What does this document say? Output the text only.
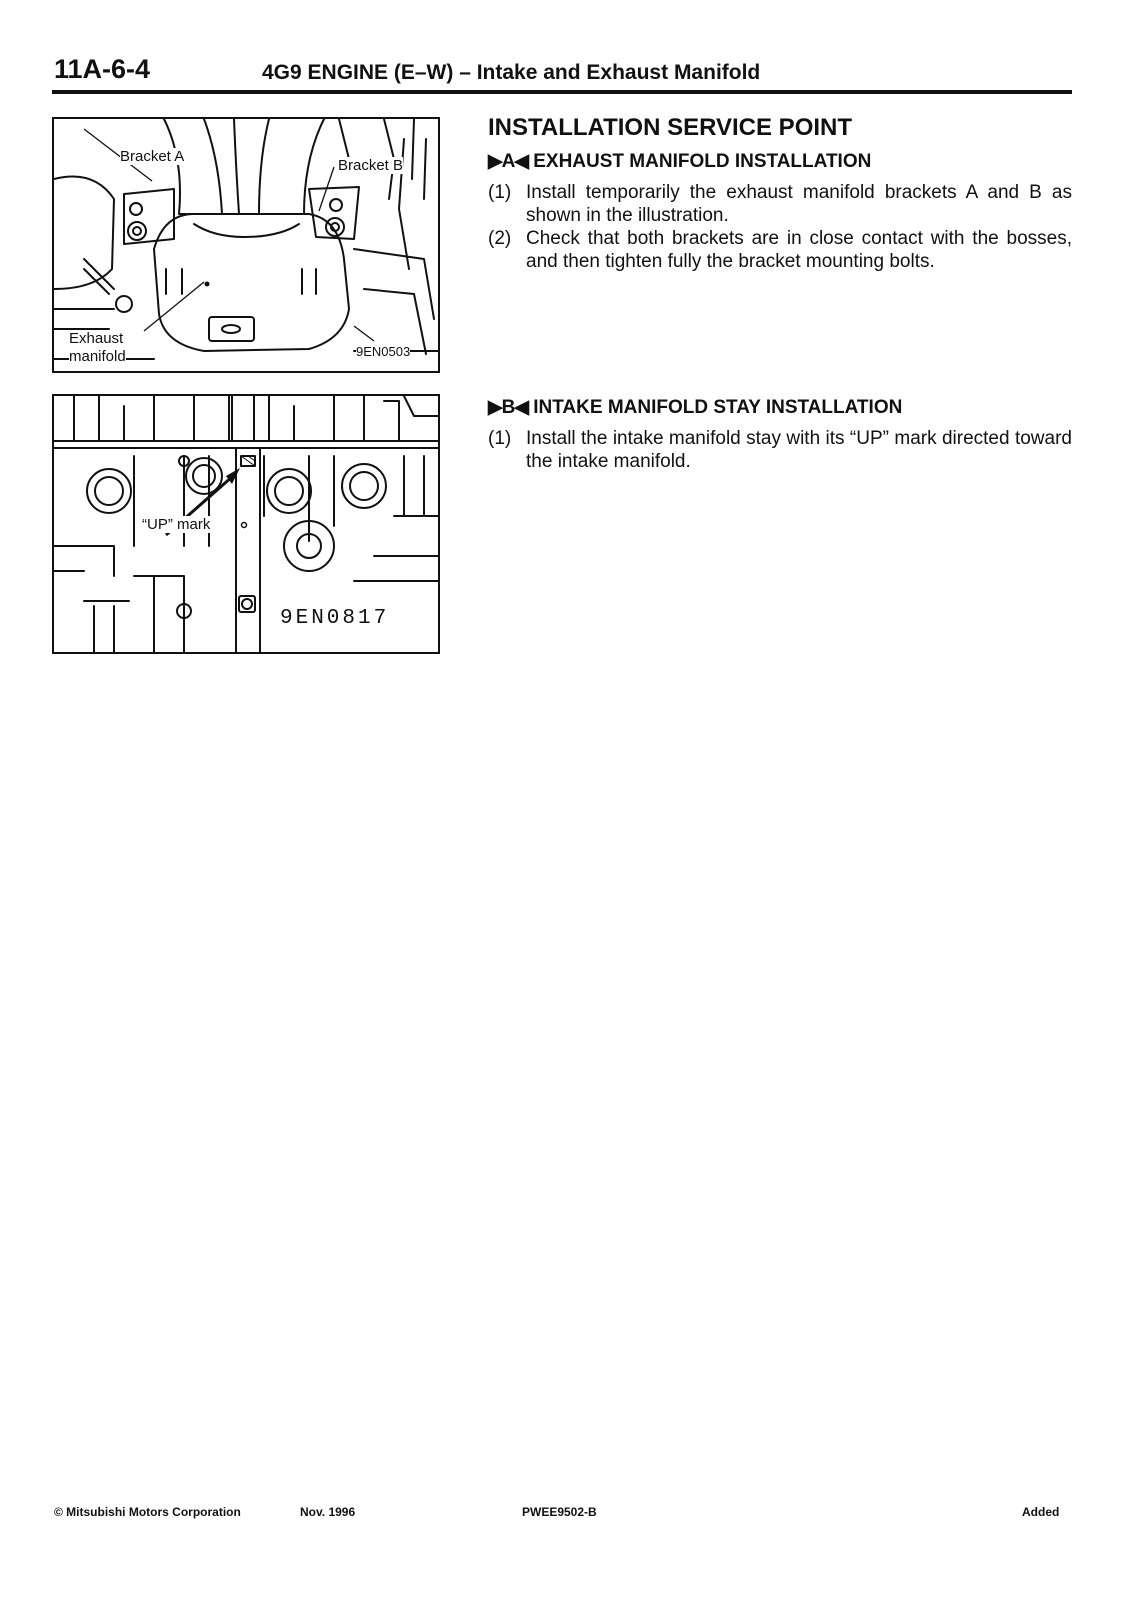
11A-6-4	4G9 ENGINE (E–W) – Intake and Exhaust Manifold
Bracket A
Bracket B
Exhaust
manifold	9EN0503
“UP” mark
9EN0817
INSTALLATION SERVICE POINT
▶A◀ EXHAUST MANIFOLD INSTALLATION
(1) Install temporarily the exhaust manifold brackets A and B as shown in the illustration.
(2) Check that both brackets are in close contact with the bosses, and then tighten fully the bracket mounting bolts.
▶B◀ INTAKE MANIFOLD STAY INSTALLATION
(1) Install the intake manifold stay with its “UP” mark directed toward the intake manifold.
© Mitsubishi Motors Corporation	Nov. 1996	PWEE9502-B	Added
